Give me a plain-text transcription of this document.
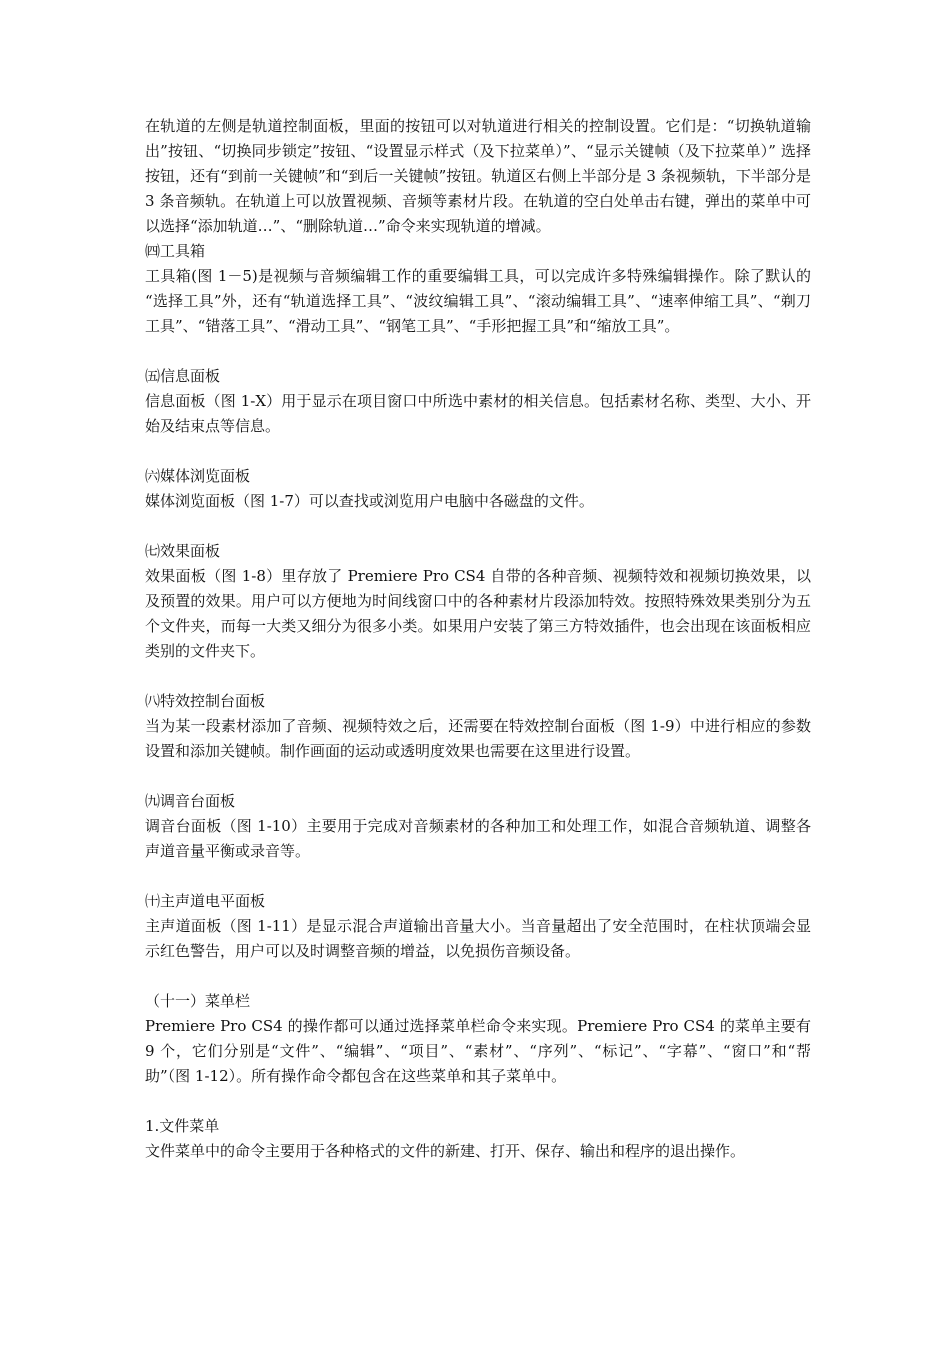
在轨道的左侧是轨道控制面板，里面的按钮可以对轨道进行相关的控制设置。它们是：“切换轨道输出”按钮、“切换同步锁定”按钮、“设置显示样式（及下拉菜单）”、“显示关键帧（及下拉菜单）” 选择按钮，还有“到前一关键帧”和“到后一关键帧”按钮。轨道区右侧上半部分是 3 条视频轨，下半部分是 3 条音频轨。在轨道上可以放置视频、音频等素材片段。在轨道的空白处单击右键，弹出的菜单中可以选择“添加轨道…”、“删除轨道…”命令来实现轨道的增减。

㈣工具箱

工具箱(图 1－5)是视频与音频编辑工作的重要编辑工具，可以完成许多特殊编辑操作。除了默认的 “选择工具”外，还有“轨道选择工具”、“波纹编辑工具”、“滚动编辑工具”、“速率伸缩工具”、“剃刀工具”、“错落工具”、“滑动工具”、“钢笔工具”、“手形把握工具”和“缩放工具”。

㈤信息面板

信息面板（图 1-X）用于显示在项目窗口中所选中素材的相关信息。包括素材名称、类型、大小、开始及结束点等信息。

㈥媒体浏览面板

媒体浏览面板（图 1-7）可以查找或浏览用户电脑中各磁盘的文件。

㈦效果面板

效果面板（图 1-8）里存放了 Premiere Pro CS4 自带的各种音频、视频特效和视频切换效果，以及预置的效果。用户可以方便地为时间线窗口中的各种素材片段添加特效。按照特殊效果类别分为五个文件夹，而每一大类又细分为很多小类。如果用户安装了第三方特效插件，也会出现在该面板相应类别的文件夹下。

㈧特效控制台面板

当为某一段素材添加了音频、视频特效之后，还需要在特效控制台面板（图 1-9）中进行相应的参数设置和添加关键帧。制作画面的运动或透明度效果也需要在这里进行设置。

㈨调音台面板

调音台面板（图 1-10）主要用于完成对音频素材的各种加工和处理工作，如混合音频轨道、调整各声道音量平衡或录音等。

㈩主声道电平面板

主声道面板（图 1-11）是显示混合声道输出音量大小。当音量超出了安全范围时，在柱状顶端会显示红色警告，用户可以及时调整音频的增益，以免损伤音频设备。

（十一）菜单栏

Premiere Pro CS4 的操作都可以通过选择菜单栏命令来实现。Premiere Pro CS4 的菜单主要有 9 个，它们分别是“文件”、“编辑”、“项目”、“素材”、“序列”、“标记”、“字幕”、“窗口”和“帮助”（图 1-12）。所有操作命令都包含在这些菜单和其子菜单中。

1.文件菜单

文件菜单中的命令主要用于各种格式的文件的新建、打开、保存、输出和程序的退出操作。
